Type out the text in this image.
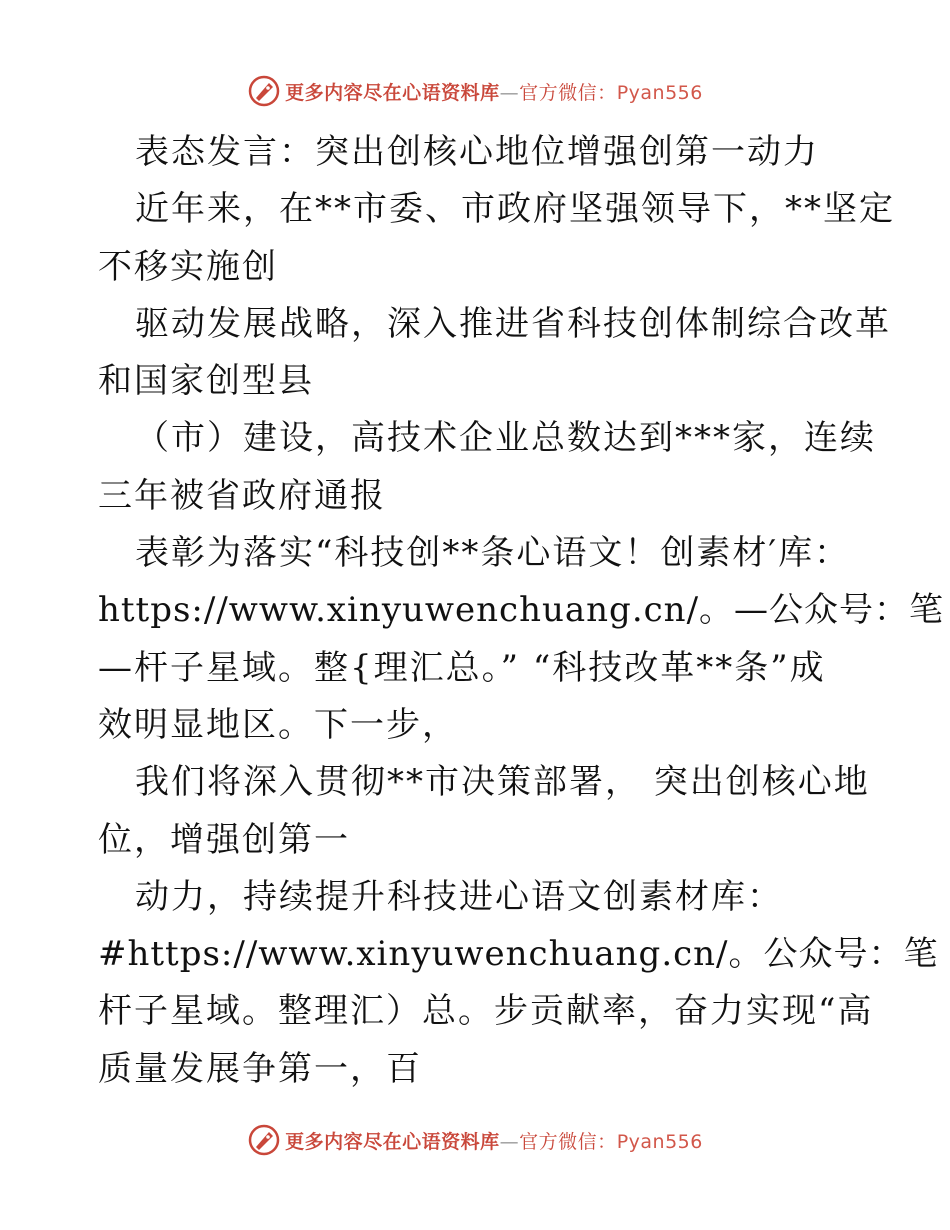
更多内容尽在心语资料库—官方微信：Pyan556
表态发言：突出创核心地位增强创第一动力
近年来，在**市委、市政府坚强领导下，**坚定
不移实施创
驱动发展战略，深入推进省科技创体制综合改革
和国家创型县
（市）建设，高技术企业总数达到***家，连续
三年被省政府通报
表彰为落实“科技创**条心语文！创素材′库：
https://www.xinyuwenchuang.cn/。—公众号：笔
—杆子星域。整{理汇总。” “科技改革**条”成
效明显地区。下一步，
我们将深入贯彻**市决策部署， 突出创核心地
位，增强创第一
动力，持续提升科技进心语文创素材库：
#https://www.xinyuwenchuang.cn/。公众号：笔
杆子星域。整理汇）总。步贡献率，奋力实现“高
质量发展争第一，百
更多内容尽在心语资料库—官方微信：Pyan556
